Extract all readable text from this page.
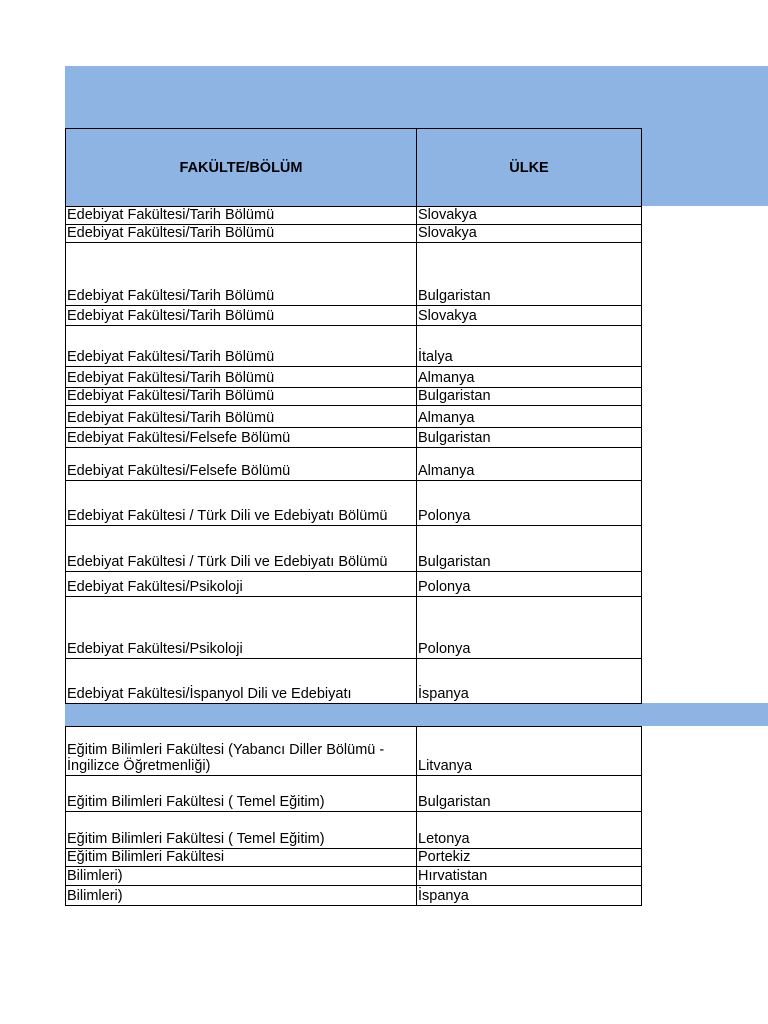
FAKÜLTE/BÖLÜM	ÜLKE
Edebiyat Fakültesi/Tarih Bölümü	Slovakya
Edebiyat Fakültesi/Tarih Bölümü	Slovakya
Edebiyat Fakültesi/Tarih Bölümü	Bulgaristan
Edebiyat Fakültesi/Tarih Bölümü	Slovakya
Edebiyat Fakültesi/Tarih Bölümü	İtalya
Edebiyat Fakültesi/Tarih Bölümü	Almanya
Edebiyat Fakültesi/Tarih Bölümü	Bulgaristan
Edebiyat Fakültesi/Tarih Bölümü	Almanya
Edebiyat Fakültesi/Felsefe Bölümü	Bulgaristan
Edebiyat Fakültesi/Felsefe Bölümü	Almanya
Edebiyat Fakültesi / Türk Dili ve Edebiyatı Bölümü Polonya
Edebiyat Fakültesi / Türk Dili ve Edebiyatı Bölümü Bulgaristan
Edebiyat Fakültesi/Psikoloji	Polonya
Edebiyat Fakültesi/Psikoloji	Polonya
Edebiyat Fakültesi/İspanyol Dili ve Edebiyatı	İspanya
Eğitim Bilimleri Fakültesi (Yabancı Diller Bölümü - İngilizce Öğretmenliği)	Litvanya
Eğitim Bilimleri Fakültesi ( Temel Eğitim)	Bulgaristan
Eğitim Bilimleri Fakültesi ( Temel Eğitim)	Letonya
Eğitim Bilimleri Fakültesi	Portekiz
Bilimleri)	Hırvatistan
Bilimleri)	İspanya
